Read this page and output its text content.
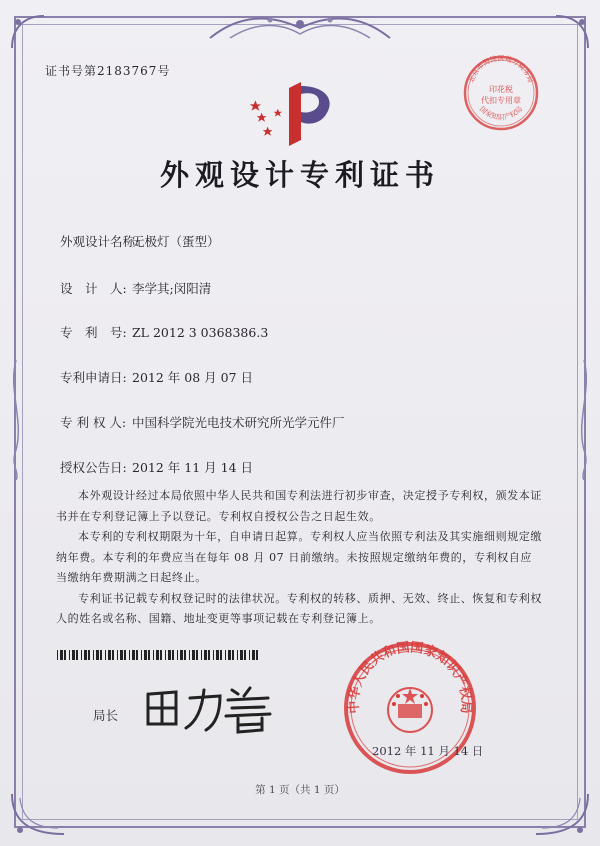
证书号第2183767号
外观设计专利证书
外观设计名称:无极灯（蛋型）
设　计　人: 李学其;闵阳清
专　利　号: ZL 2012 3 0368386.3
专利申请日: 2012 年 08 月 07 日
专 利 权 人: 中国科学院光电技术研究所光学元件厂
授权公告日: 2012 年 11 月 14 日

本外观设计经过本局依照中华人民共和国专利法进行初步审查，决定授予专利权，颁发本证书并在专利登记簿上予以登记。专利权自授权公告之日起生效。

本专利的专利权期限为十年，自申请日起算。专利权人应当依照专利法及其实施细则规定缴纳年费。本专利的年费应当在每年 08 月 07 日前缴纳。未按照规定缴纳年费的，专利权自应当缴纳年费期满之日起终止。

专利证书记载专利权登记时的法律状况。专利权的转移、质押、无效、终止、恢复和专利权人的姓名或名称、国籍、地址变更等事项记载在专利登记簿上。

局长
中华人民共和国国家知识产权局
2012 年 11 月 14 日
北京市海淀区地方税务局
印花税
代扣专用章
国家知识产权局
第 1 页（共 1 页）
